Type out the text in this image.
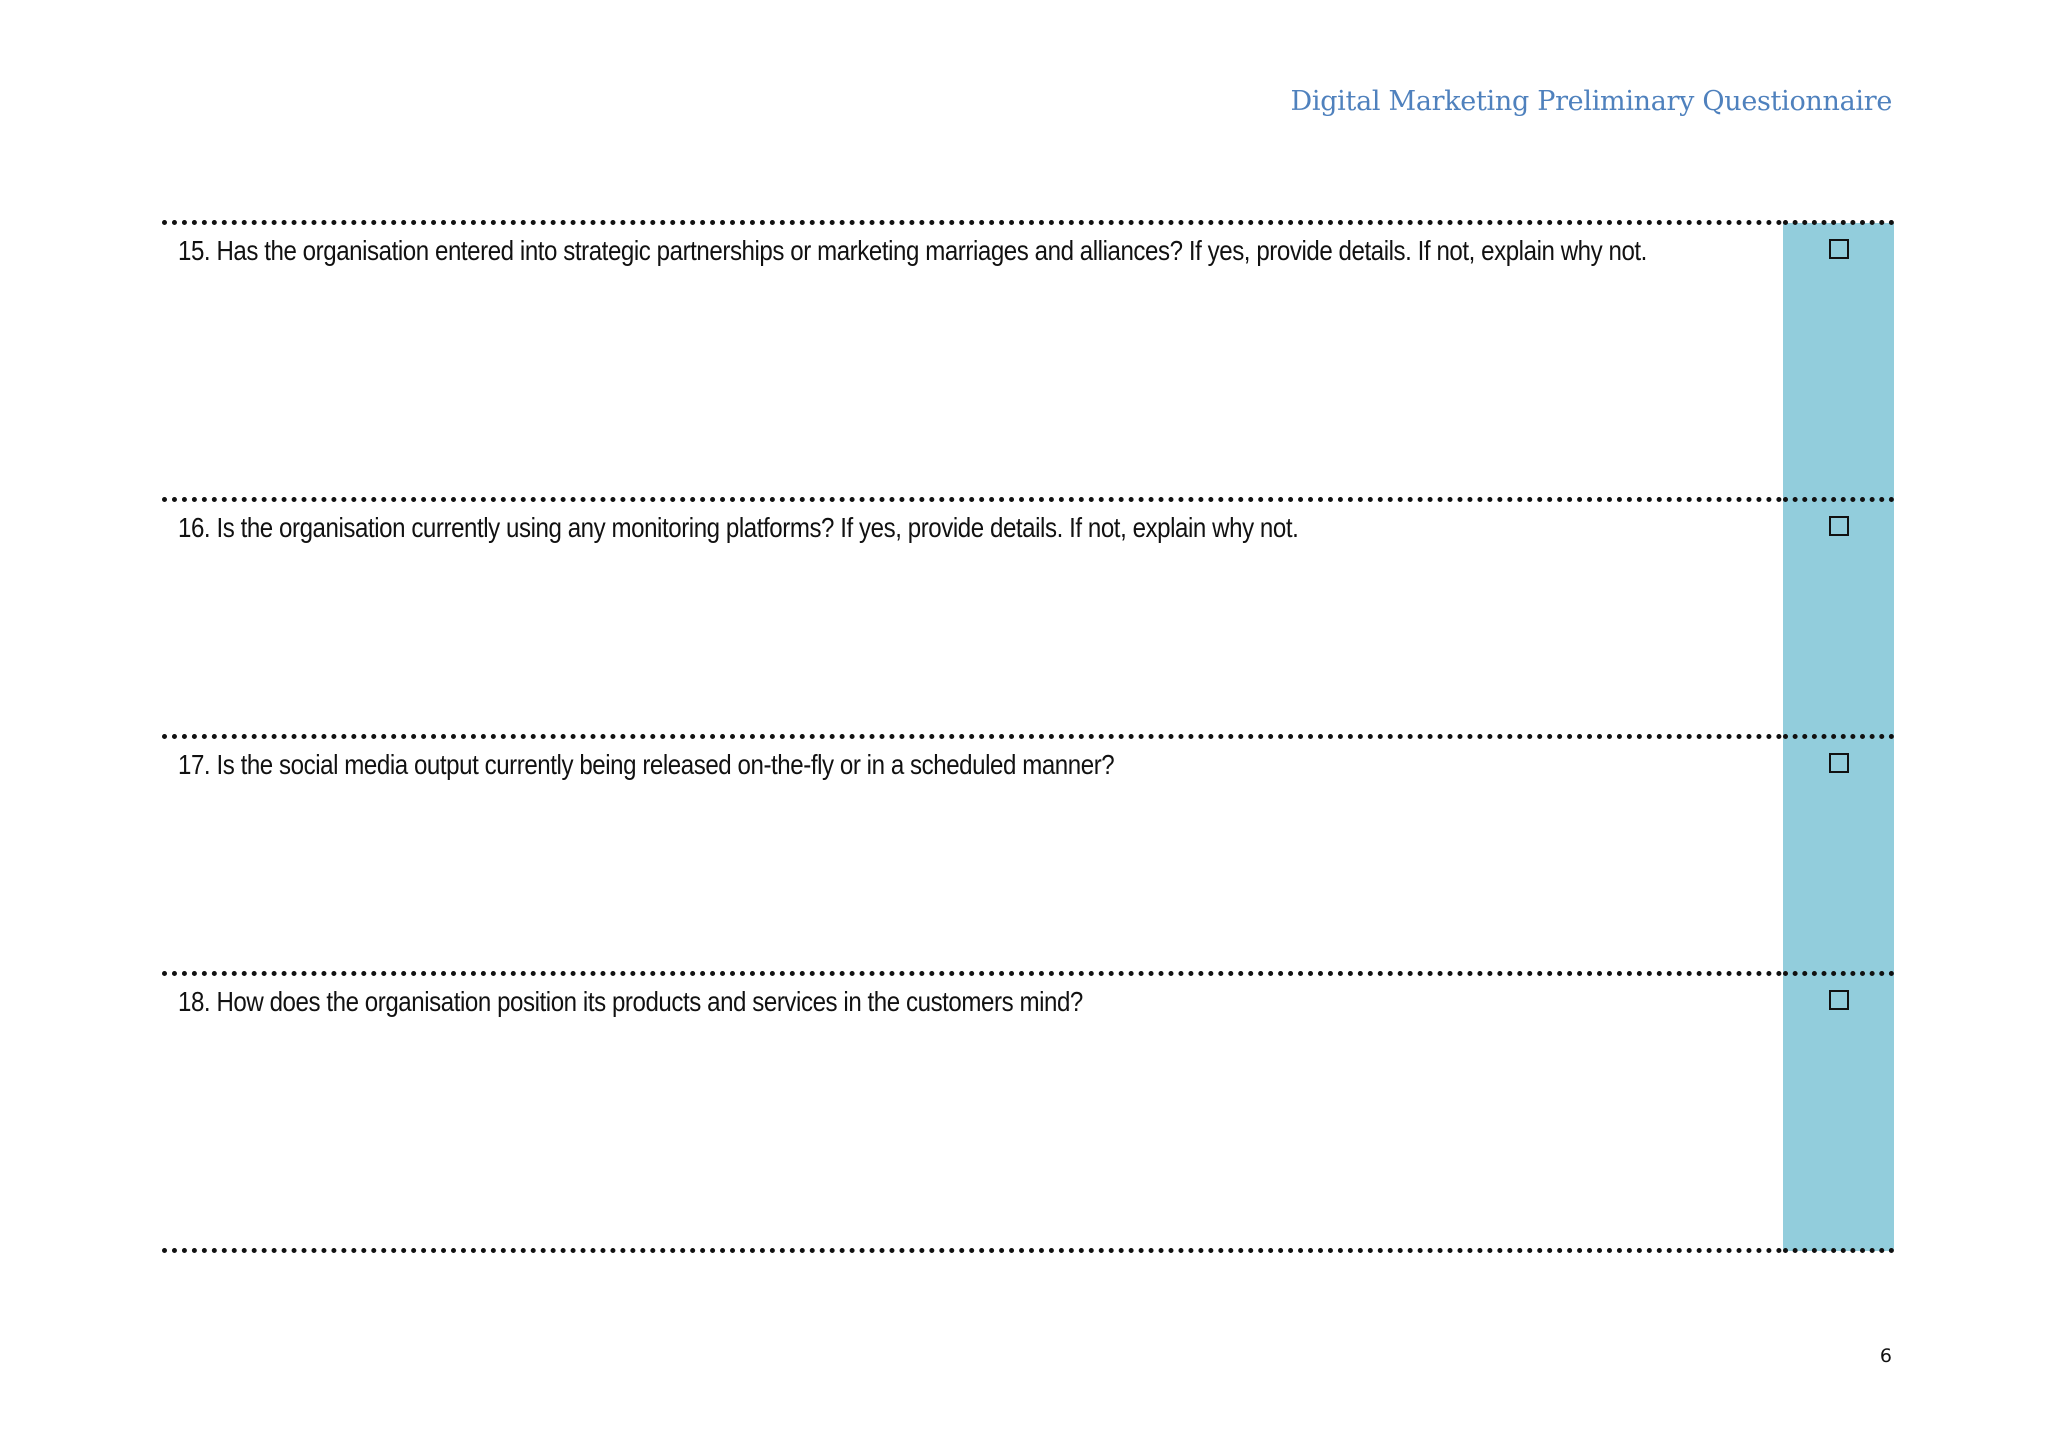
Digital Marketing Preliminary Questionnaire
15. Has the organisation entered into strategic partnerships or marketing marriages and alliances? If yes, provide details. If not, explain why not.	
16. Is the organisation currently using any monitoring platforms? If yes, provide details. If not, explain why not.	
17. Is the social media output currently being released on-the-fly or in a scheduled manner?	
18. How does the organisation position its products and services in the customers mind?	
6
